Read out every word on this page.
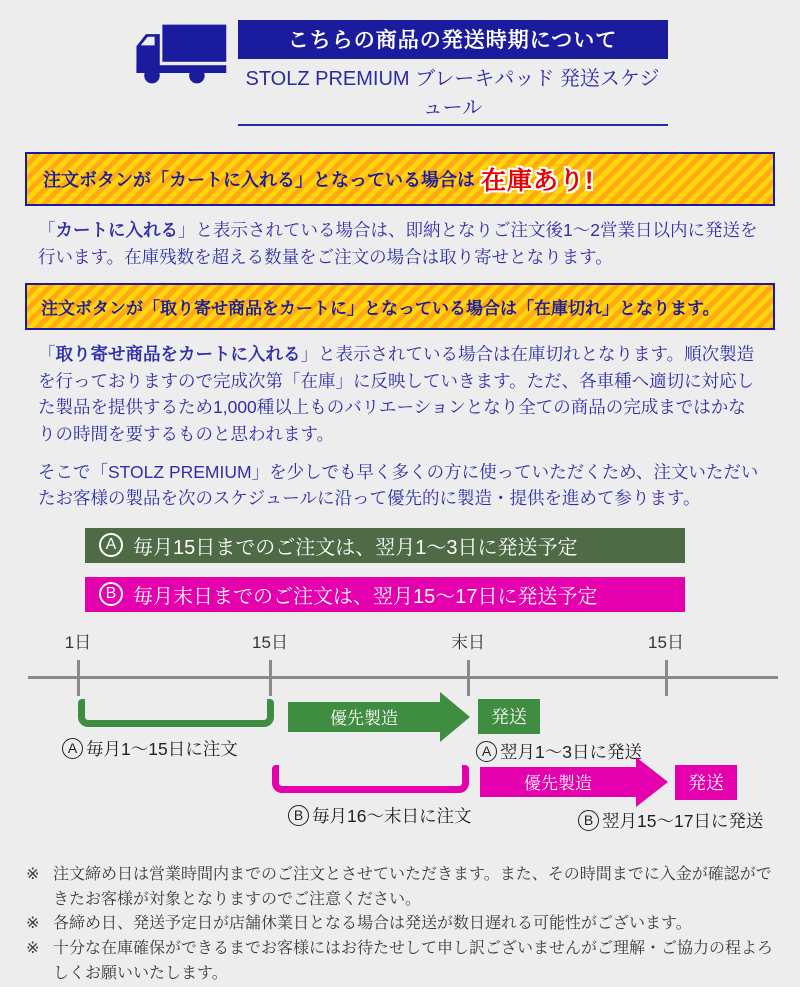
こちらの商品の発送時期について
STOLZ PREMIUM ブレーキパッド 発送スケジュール
注文ボタンが「カートに入れる」となっている場合は 在庫あり!

「カートに入れる」と表示されている場合は、即納となりご注文後1～2営業日以内に発送を行います。在庫残数を超える数量をご注文の場合は取り寄せとなります。

注文ボタンが「取り寄せ商品をカートに」となっている場合は「在庫切れ」となります。

「取り寄せ商品をカートに入れる」と表示されている場合は在庫切れとなります。順次製造を行っておりますので完成次第「在庫」に反映していきます。ただ、各車種へ適切に対応した製品を提供するため1,000種以上ものバリエーションとなり全ての商品の完成まではかなりの時間を要するものと思われます。

そこで「STOLZ PREMIUM」を少しでも早く多くの方に使っていただくため、注文いただいたお客様の製品を次のスケジュールに沿って優先的に製造・提供を進めて参ります。

A 毎月15日までのご注文は、翌月1～3日に発送予定
B 毎月末日までのご注文は、翌月15～17日に発送予定
1日	15日	末日	15日
A 毎月1～15日に注文
優先製造	発送
A 翌月1～3日に発送
B 毎月16～末日に注文
優先製造	発送
B 翌月15～17日に発送
※ 注文締め日は営業時間内までのご注文とさせていただきます。また、その時間までに入金が確認ができたお客様が対象となりますのでご注意ください。
※ 各締め日、発送予定日が店舗休業日となる場合は発送が数日遅れる可能性がございます。
※ 十分な在庫確保ができるまでお客様にはお待たせして申し訳ございませんがご理解・ご協力の程よろしくお願いいたします。
